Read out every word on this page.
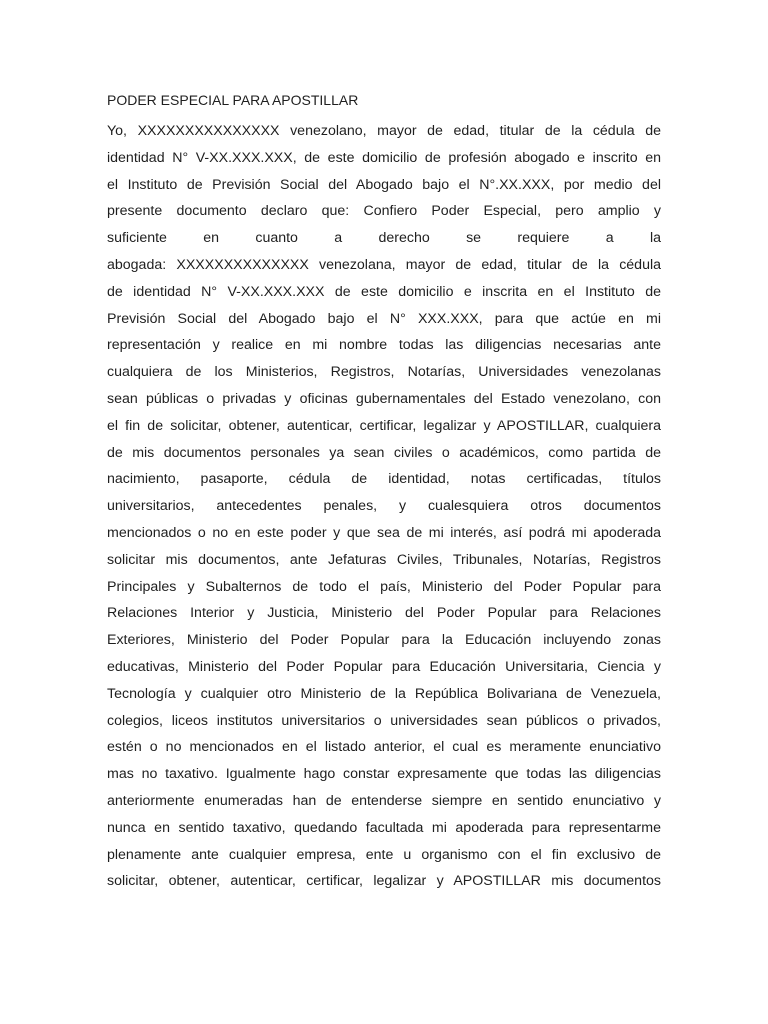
PODER ESPECIAL PARA APOSTILLAR
Yo, XXXXXXXXXXXXXXX venezolano, mayor de edad, titular de la cédula de
identidad N° V-XX.XXX.XXX, de este domicilio de profesión abogado e inscrito en
el Instituto de Previsión Social del Abogado bajo el N°.XX.XXX, por medio del
presente documento declaro que: Confiero Poder Especial, pero amplio y
suficiente en cuanto a derecho se requiere a la
abogada: XXXXXXXXXXXXXX venezolana, mayor de edad, titular de la cédula
de identidad N° V-XX.XXX.XXX de este domicilio e inscrita en el Instituto de
Previsión Social del Abogado bajo el N° XXX.XXX, para que actúe en mi
representación y realice en mi nombre todas las diligencias necesarias ante
cualquiera de los Ministerios, Registros, Notarías, Universidades venezolanas
sean públicas o privadas y oficinas gubernamentales del Estado venezolano, con
el fin de solicitar, obtener, autenticar, certificar, legalizar y APOSTILLAR, cualquiera
de mis documentos personales ya sean civiles o académicos, como partida de
nacimiento, pasaporte, cédula de identidad, notas certificadas, títulos
universitarios, antecedentes penales, y cualesquiera otros documentos
mencionados o no en este poder y que sea de mi interés, así podrá mi apoderada
solicitar mis documentos, ante Jefaturas Civiles, Tribunales, Notarías, Registros
Principales y Subalternos de todo el país, Ministerio del Poder Popular para
Relaciones Interior y Justicia, Ministerio del Poder Popular para Relaciones
Exteriores, Ministerio del Poder Popular para la Educación incluyendo zonas
educativas, Ministerio del Poder Popular para Educación Universitaria, Ciencia y
Tecnología y cualquier otro Ministerio de la República Bolivariana de Venezuela,
colegios, liceos institutos universitarios o universidades sean públicos o privados,
estén o no mencionados en el listado anterior, el cual es meramente enunciativo
mas no taxativo. Igualmente hago constar expresamente que todas las diligencias
anteriormente enumeradas han de entenderse siempre en sentido enunciativo y
nunca en sentido taxativo, quedando facultada mi apoderada para representarme
plenamente ante cualquier empresa, ente u organismo con el fin exclusivo de
solicitar, obtener, autenticar, certificar, legalizar y APOSTILLAR mis documentos
